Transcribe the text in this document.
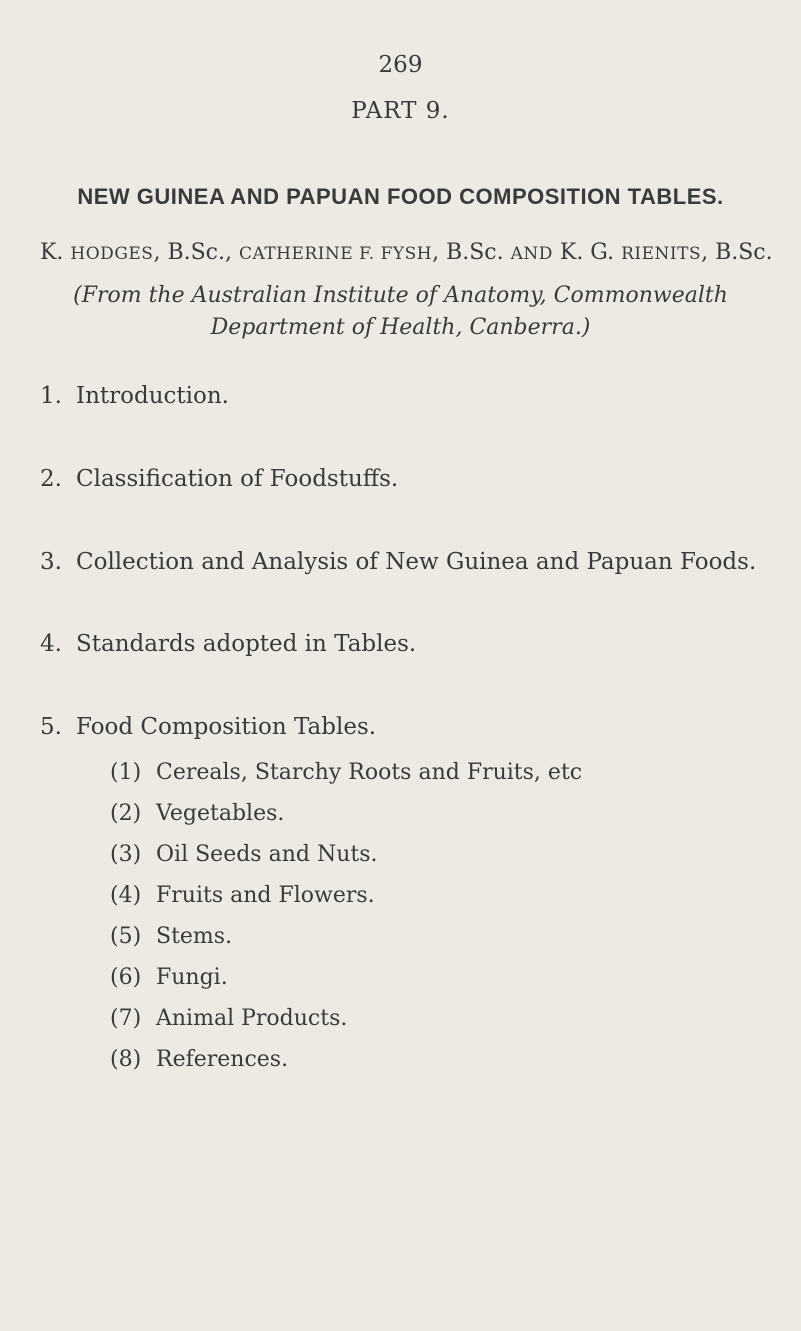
269
PART 9.
NEW GUINEA AND PAPUAN FOOD COMPOSITION TABLES.
K. HODGES, B.Sc., CATHERINE F. FYSH, B.Sc. AND K. G. RIENITS, B.Sc.
(From the Australian Institute of Anatomy, Commonwealth
Department of Health, Canberra.)
1. Introduction.
2. Classification of Foodstuffs.
3. Collection and Analysis of New Guinea and Papuan Foods.
4. Standards adopted in Tables.
5. Food Composition Tables.
(1) Cereals, Starchy Roots and Fruits, etc
(2) Vegetables.
(3) Oil Seeds and Nuts.
(4) Fruits and Flowers.
(5) Stems.
(6) Fungi.
(7) Animal Products.
(8) References.
